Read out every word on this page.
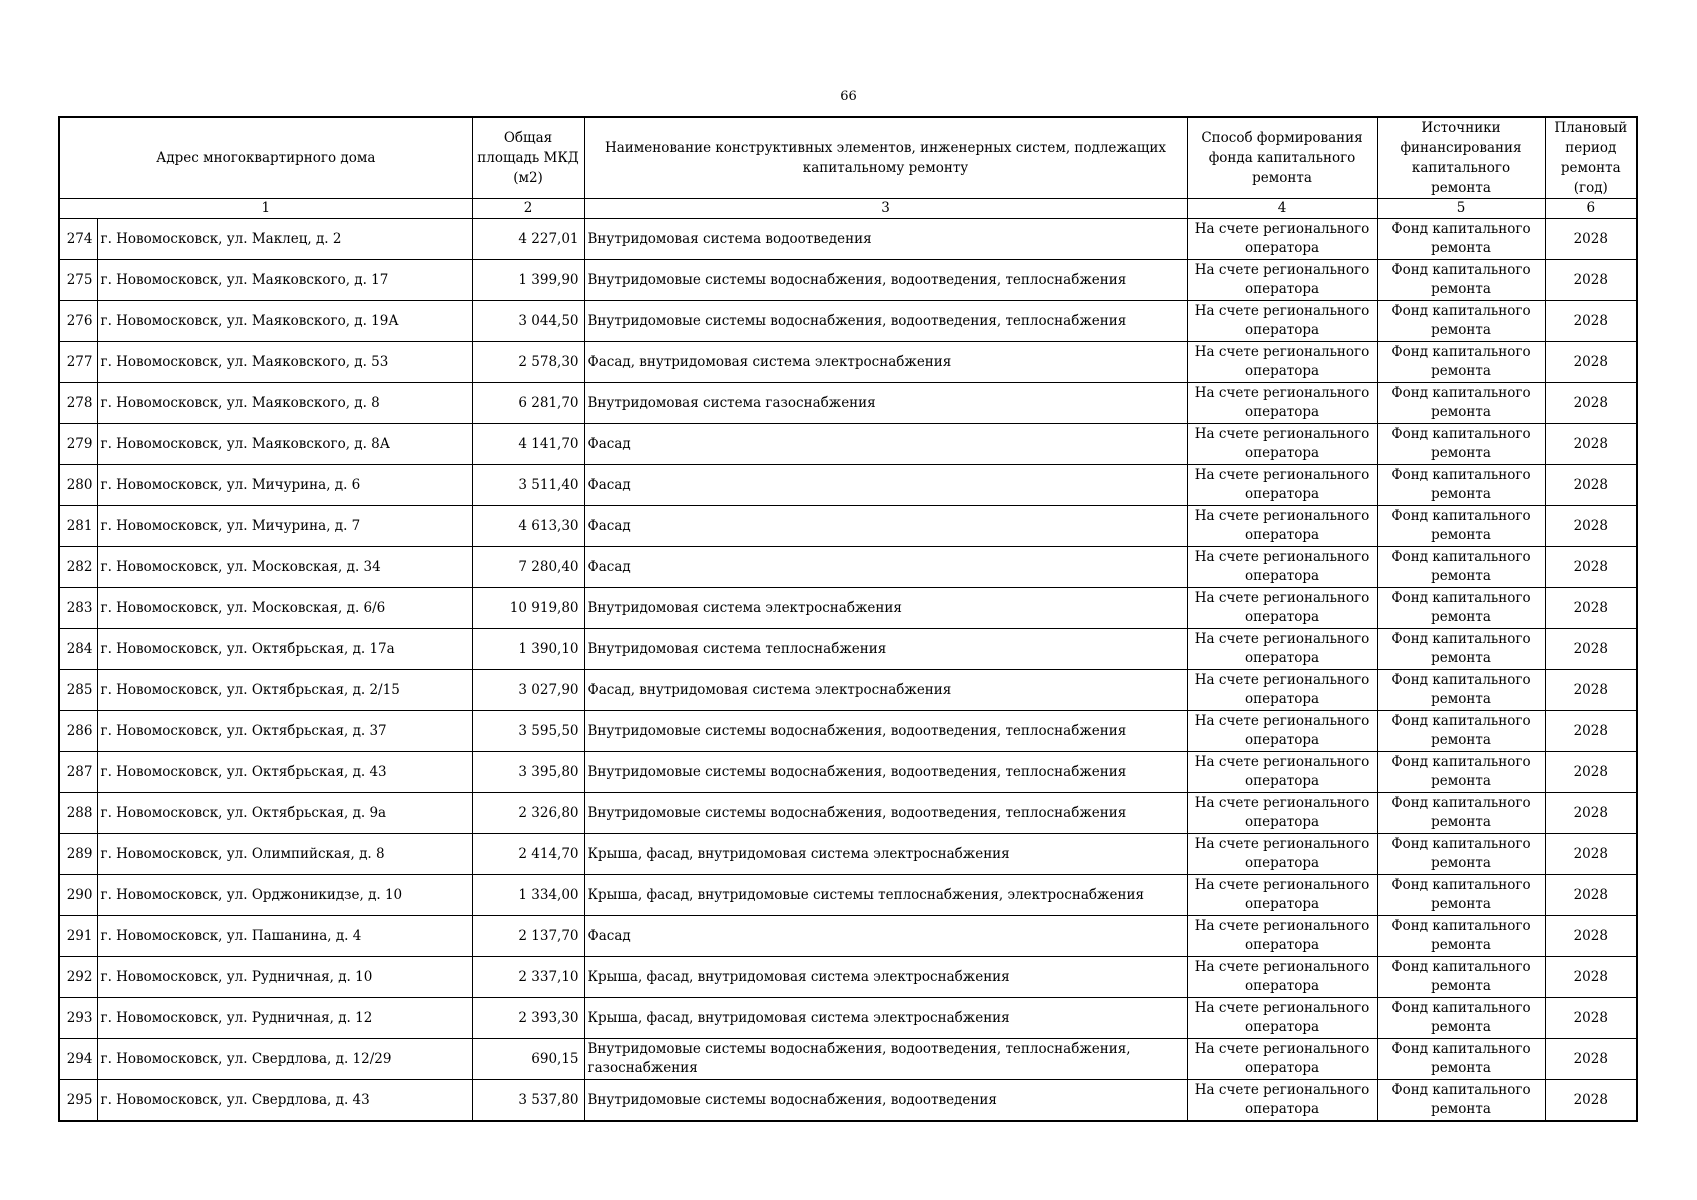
66
Адрес многоквартирного дома		Общая площадь МКД (м2)	Наименование конструктивных элементов, инженерных систем, подлежащих капитальному ремонту	Способ формирования фонда капитального ремонта	Источники финансирования капитального ремонта	Плановый период ремонта (год)
1		2	3	4	5	6
274	г. Новомосковск, ул. Маклец, д. 2	4 227,01	Внутридомовая система водоотведения	На счете регионального оператора	Фонд капитального ремонта	2028
275	г. Новомосковск, ул. Маяковского, д. 17	1 399,90	Внутридомовые системы водоснабжения, водоотведения, теплоснабжения	На счете регионального оператора	Фонд капитального ремонта	2028
276	г. Новомосковск, ул. Маяковского, д. 19А	3 044,50	Внутридомовые системы водоснабжения, водоотведения, теплоснабжения	На счете регионального оператора	Фонд капитального ремонта	2028
277	г. Новомосковск, ул. Маяковского, д. 53	2 578,30	Фасад, внутридомовая система электроснабжения	На счете регионального оператора	Фонд капитального ремонта	2028
278	г. Новомосковск, ул. Маяковского, д. 8	6 281,70	Внутридомовая система газоснабжения	На счете регионального оператора	Фонд капитального ремонта	2028
279	г. Новомосковск, ул. Маяковского, д. 8А	4 141,70	Фасад	На счете регионального оператора	Фонд капитального ремонта	2028
280	г. Новомосковск, ул. Мичурина, д. 6	3 511,40	Фасад	На счете регионального оператора	Фонд капитального ремонта	2028
281	г. Новомосковск, ул. Мичурина, д. 7	4 613,30	Фасад	На счете регионального оператора	Фонд капитального ремонта	2028
282	г. Новомосковск, ул. Московская, д. 34	7 280,40	Фасад	На счете регионального оператора	Фонд капитального ремонта	2028
283	г. Новомосковск, ул. Московская, д. 6/6	10 919,80	Внутридомовая система электроснабжения	На счете регионального оператора	Фонд капитального ремонта	2028
284	г. Новомосковск, ул. Октябрьская, д. 17а	1 390,10	Внутридомовая система теплоснабжения	На счете регионального оператора	Фонд капитального ремонта	2028
285	г. Новомосковск, ул. Октябрьская, д. 2/15	3 027,90	Фасад, внутридомовая система электроснабжения	На счете регионального оператора	Фонд капитального ремонта	2028
286	г. Новомосковск, ул. Октябрьская, д. 37	3 595,50	Внутридомовые системы водоснабжения, водоотведения, теплоснабжения	На счете регионального оператора	Фонд капитального ремонта	2028
287	г. Новомосковск, ул. Октябрьская, д. 43	3 395,80	Внутридомовые системы водоснабжения, водоотведения, теплоснабжения	На счете регионального оператора	Фонд капитального ремонта	2028
288	г. Новомосковск, ул. Октябрьская, д. 9а	2 326,80	Внутридомовые системы водоснабжения, водоотведения, теплоснабжения	На счете регионального оператора	Фонд капитального ремонта	2028
289	г. Новомосковск, ул. Олимпийская, д. 8	2 414,70	Крыша, фасад, внутридомовая система электроснабжения	На счете регионального оператора	Фонд капитального ремонта	2028
290	г. Новомосковск, ул. Орджоникидзе, д. 10	1 334,00	Крыша, фасад, внутридомовые системы теплоснабжения, электроснабжения	На счете регионального оператора	Фонд капитального ремонта	2028
291	г. Новомосковск, ул. Пашанина, д. 4	2 137,70	Фасад	На счете регионального оператора	Фонд капитального ремонта	2028
292	г. Новомосковск, ул. Рудничная, д. 10	2 337,10	Крыша, фасад, внутридомовая система электроснабжения	На счете регионального оператора	Фонд капитального ремонта	2028
293	г. Новомосковск, ул. Рудничная, д. 12	2 393,30	Крыша, фасад, внутридомовая система электроснабжения	На счете регионального оператора	Фонд капитального ремонта	2028
294	г. Новомосковск, ул. Свердлова, д. 12/29	690,15	Внутридомовые системы водоснабжения, водоотведения, теплоснабжения, газоснабжения	На счете регионального оператора	Фонд капитального ремонта	2028
295	г. Новомосковск, ул. Свердлова, д. 43	3 537,80	Внутридомовые системы водоснабжения, водоотведения	На счете регионального оператора	Фонд капитального ремонта	2028
